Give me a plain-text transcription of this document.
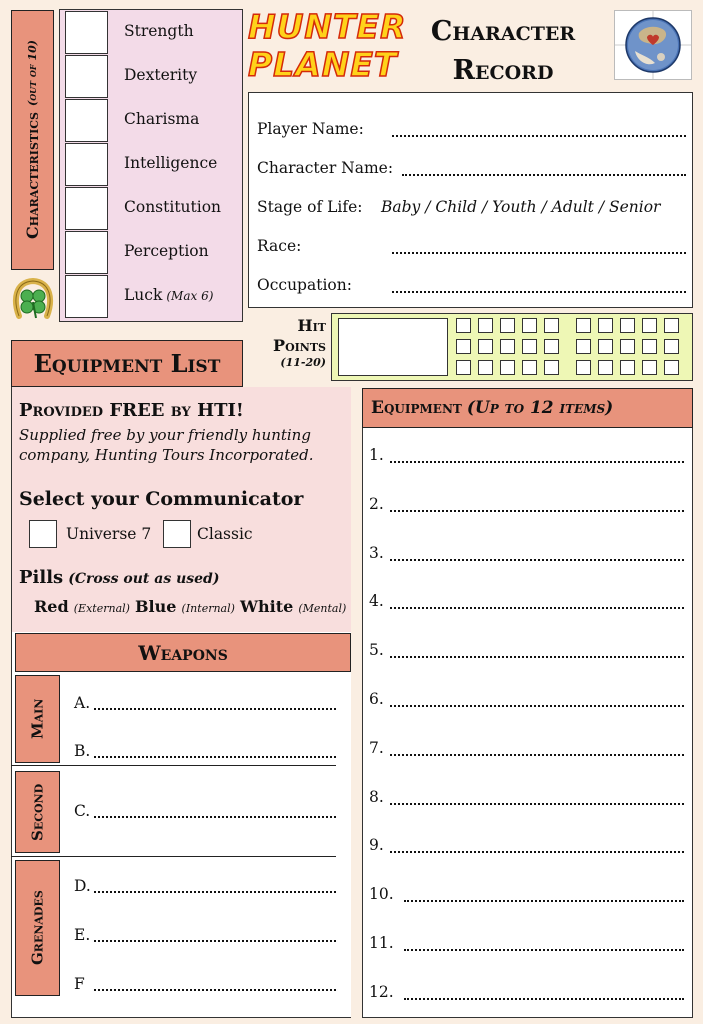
Characteristics
(out of 10)
Strength
Dexterity
Charisma
Intelligence
Constitution
Perception
Luck (Max 6)
HUNTER
PLANET
Character
Record
Player Name:
Character Name:
Stage of Life: Baby / Child / Youth / Adult / Senior
Race:
Occupation:
Hit
Points
(11-20)
Equipment List
Provided FREE by HTI!
Supplied free by your friendly hunting company, Hunting Tours Incorporated.
Select your Communicator
Universe 7	Classic
Pills (Cross out as used)
Red (External) Blue (Internal) White (Mental)
Weapons
Main
Second
Grenades
A.
B.
C.
D.
E.
F
Equipment (Up to 12 items)
1.
2.
3.
4.
5.
6.
7.
8.
9.
10.
11.
12.
